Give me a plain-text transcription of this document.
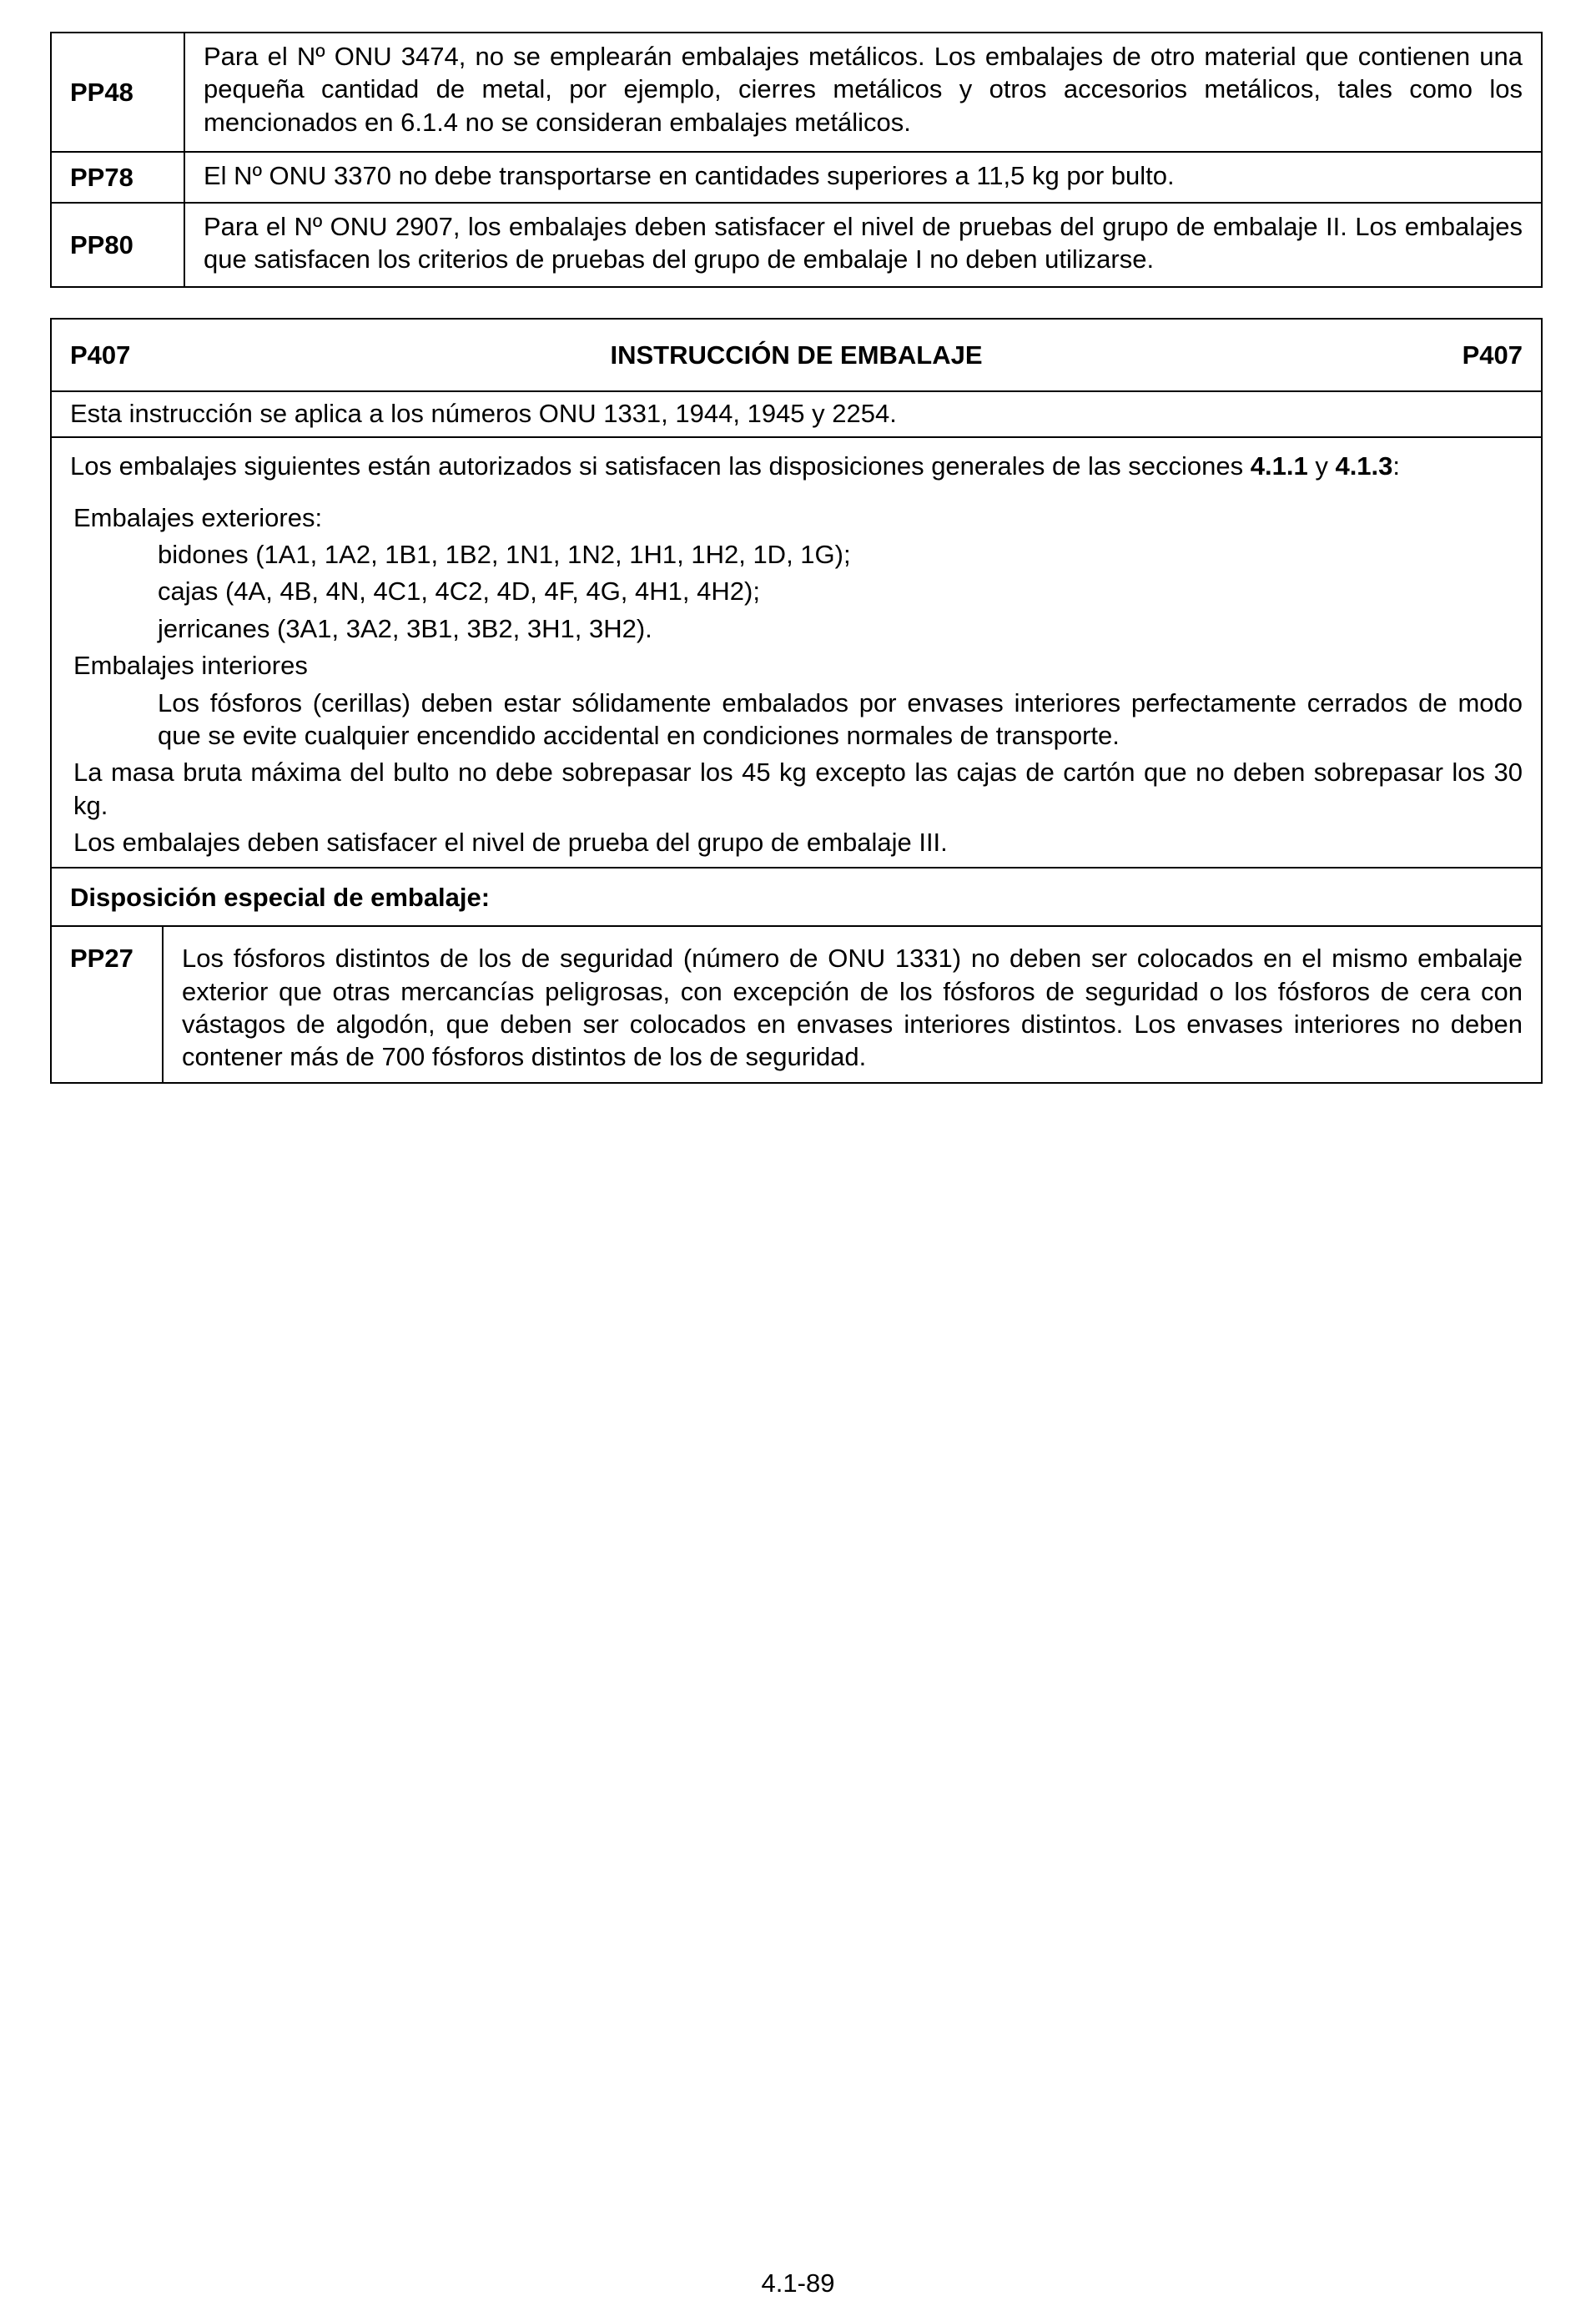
PP48	Para el Nº ONU 3474, no se emplearán embalajes metálicos. Los embalajes de otro material que contienen una pequeña cantidad de metal, por ejemplo, cierres metálicos y otros accesorios metálicos, tales como los mencionados en 6.1.4 no se consideran embalajes metálicos.
PP78	El Nº ONU 3370 no debe transportarse en cantidades superiores a 11,5 kg por bulto.
PP80	Para el Nº ONU 2907, los embalajes deben satisfacer el nivel de pruebas del grupo de embalaje II. Los embalajes que satisfacen los criterios de pruebas del grupo de embalaje I no deben utilizarse.
P407	INSTRUCCIÓN DE EMBALAJE	P407

Esta instrucción se aplica a los números ONU 1331, 1944, 1945 y 2254.

Los embalajes siguientes están autorizados si satisfacen las disposiciones generales de las secciones 4.1.1 y 4.1.3:

Embalajes exteriores:

bidones (1A1, 1A2, 1B1, 1B2, 1N1, 1N2, 1H1, 1H2, 1D, 1G);

cajas (4A, 4B, 4N, 4C1, 4C2, 4D, 4F, 4G, 4H1, 4H2);

jerricanes (3A1, 3A2, 3B1, 3B2, 3H1, 3H2).

Embalajes interiores

Los fósforos (cerillas) deben estar sólidamente embalados por envases interiores perfectamente cerrados de modo que se evite cualquier encendido accidental en condiciones normales de transporte.

La masa bruta máxima del bulto no debe sobrepasar los 45 kg excepto las cajas de cartón que no deben sobrepasar los 30 kg.

Los embalajes deben satisfacer el nivel de prueba del grupo de embalaje III.

Disposición especial de embalaje:

PP27	Los fósforos distintos de los de seguridad (número de ONU 1331) no deben ser colocados en el mismo embalaje exterior que otras mercancías peligrosas, con excepción de los fósforos de seguridad o los fósforos de cera con vástagos de algodón, que deben ser colocados en envases interiores distintos. Los envases interiores no deben contener más de 700 fósforos distintos de los de seguridad.
4.1-89
